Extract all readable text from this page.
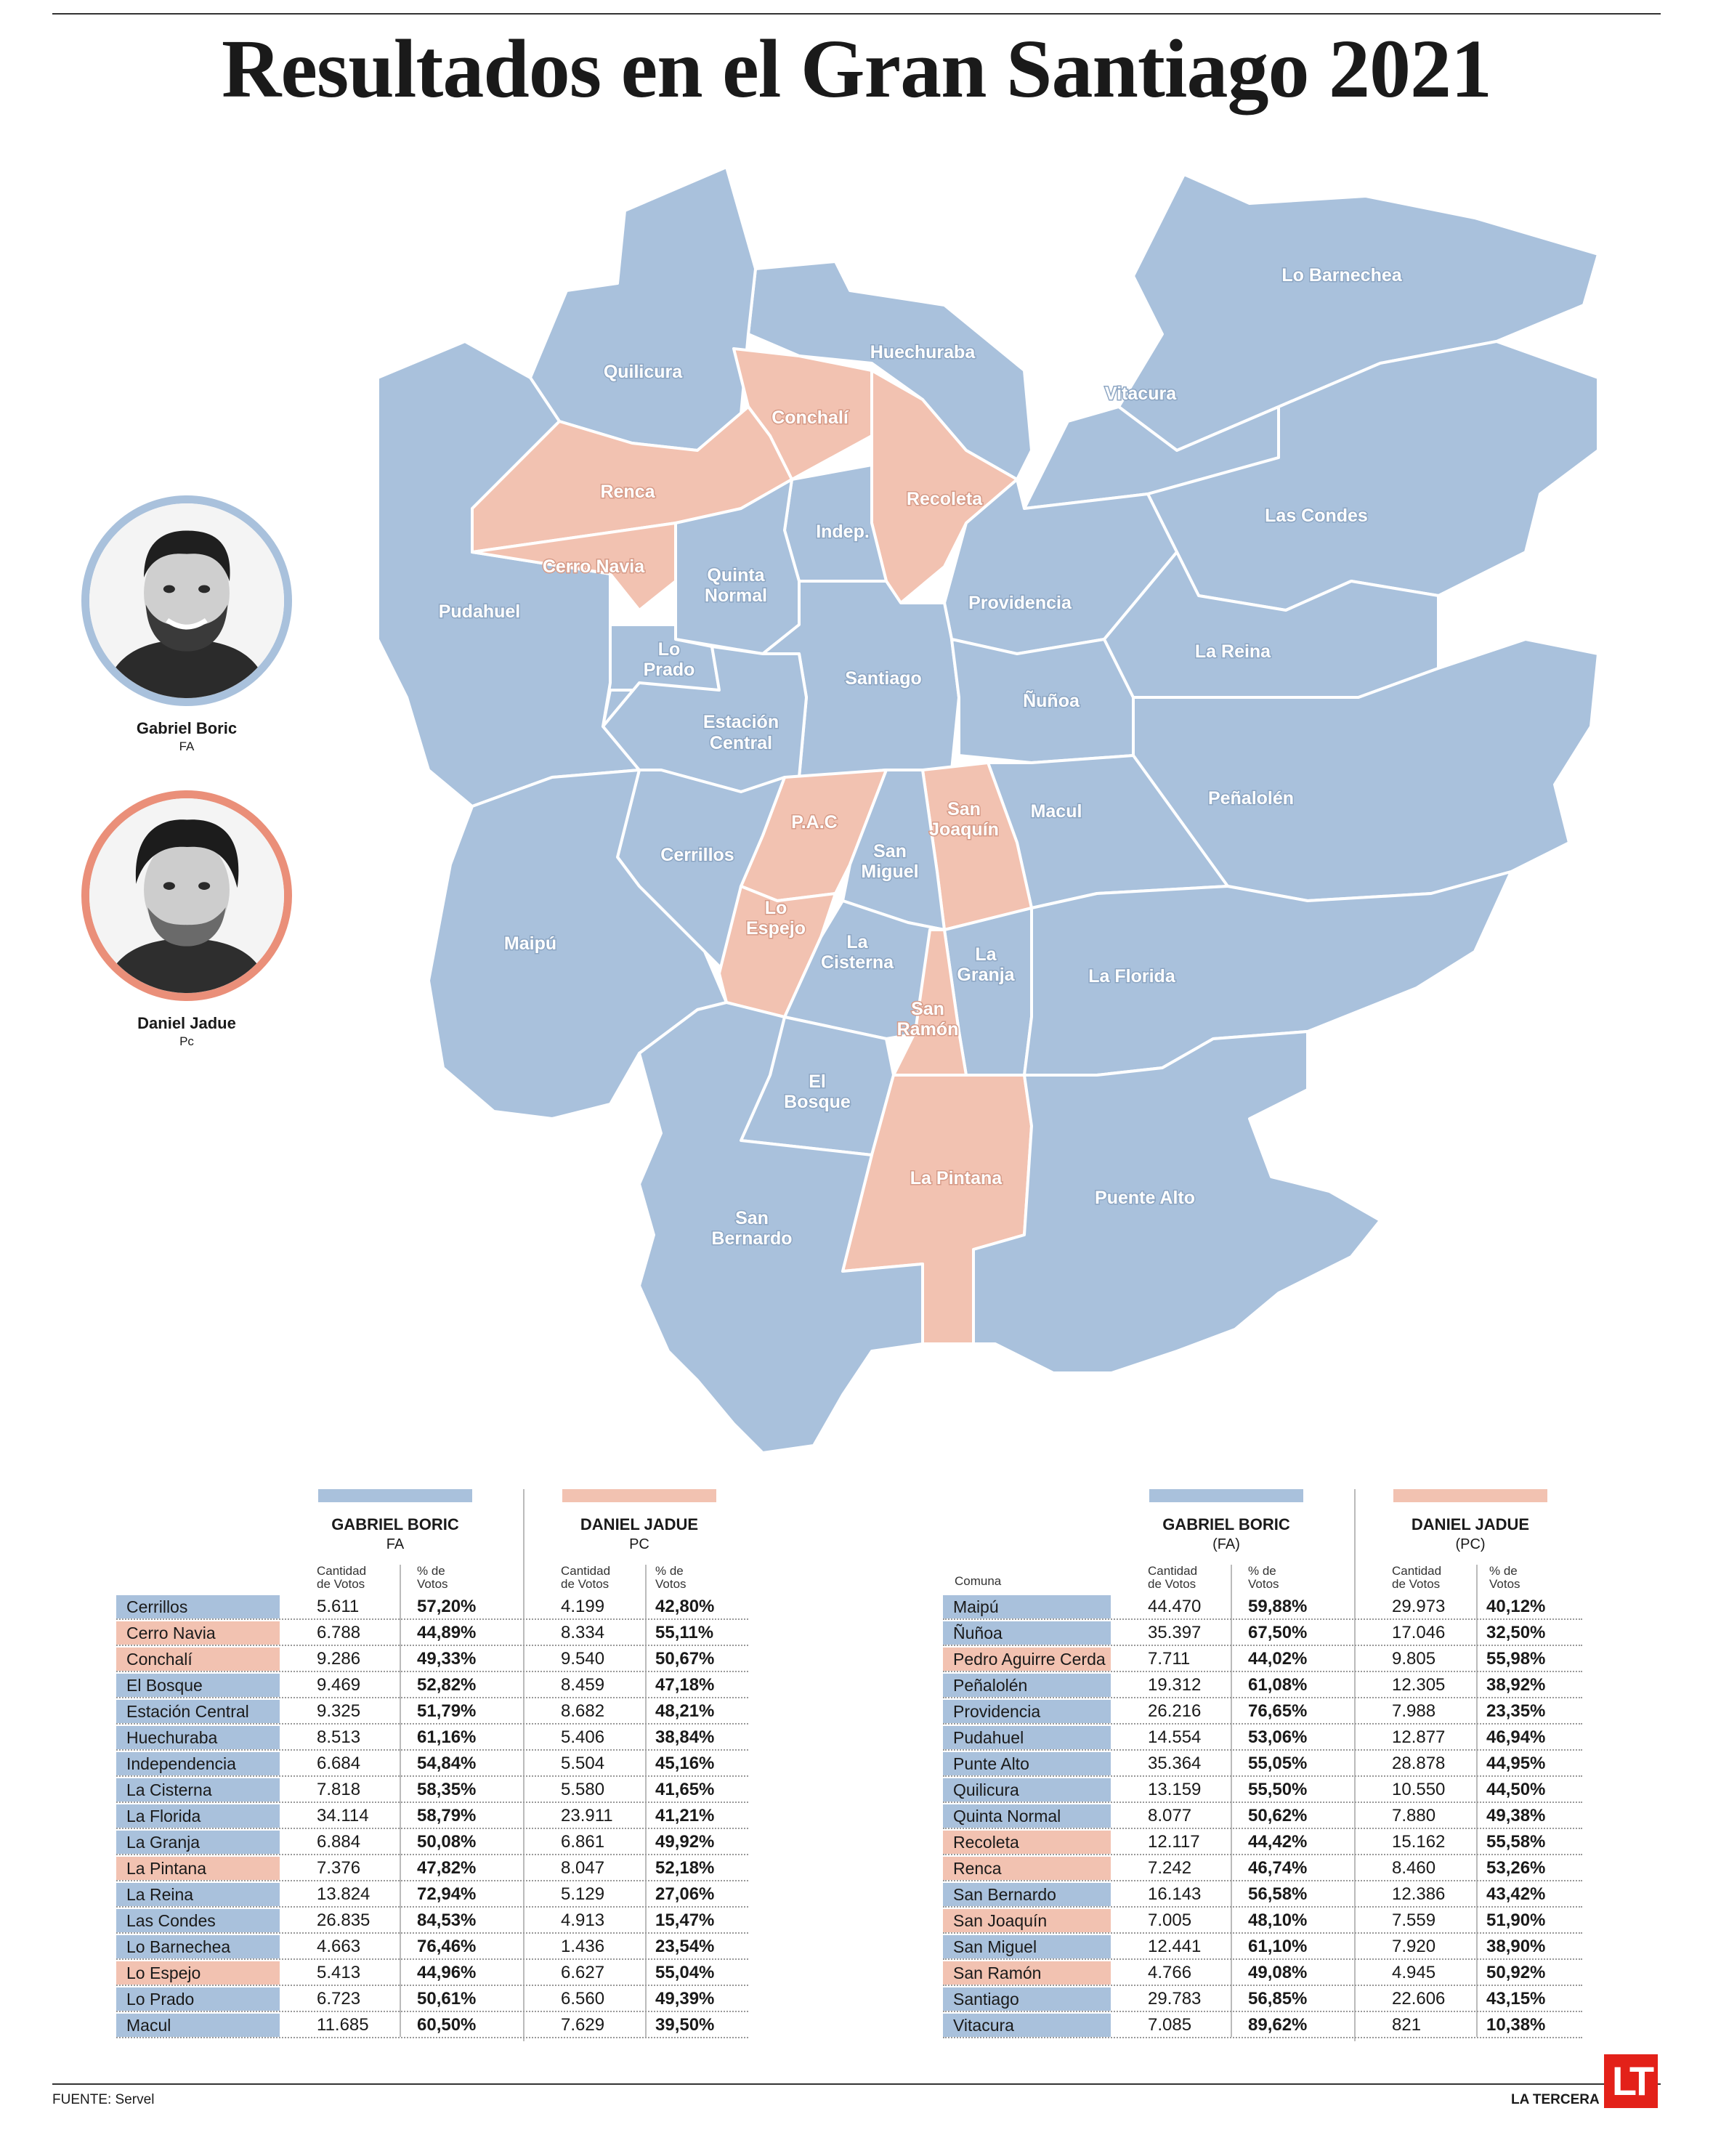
Resultados en el Gran Santiago 2021
Lo Barnechea
Huechuraba
Quilicura
Vitacura
Conchalí
Renca	Recoleta
Indep.
Las Condes
Cerro Navia	Quinta
Normal	Providencia
Pudahuel
Lo
Prado
La Reina
Santiago
Ñuñoa
Estación
Central
Peñalolén
San
Joaquín
P.A.C
Macul
San
Miguel
Cerrillos
Lo
Espejo
Maipú	La
Cisterna	La
Granja	La Florida
San
Ramón
El
Bosque
La Pintana
Puente Alto
San
Bernardo
Gabriel Boric
FA
Daniel Jadue
Pc
GABRIEL BORIC
FA
DANIEL JADUE
PC
Cantidad
de Votos
% de
Votos
Cantidad
de Votos
% de
Votos
Cerrillos	5.611	57,20%	4.199	42,80%
Cerro Navia	6.788	44,89%	8.334	55,11%
Conchalí	9.286	49,33%	9.540	50,67%
El Bosque	9.469	52,82%	8.459	47,18%
Estación Central	9.325	51,79%	8.682	48,21%
Huechuraba	8.513	61,16%	5.406	38,84%
Independencia	6.684	54,84%	5.504	45,16%
La Cisterna	7.818	58,35%	5.580	41,65%
La Florida	34.114	58,79%	23.911 41,21%
La Granja	6.884	50,08%	6.861	49,92%
La Pintana	7.376	47,82%	8.047	52,18%
La Reina	13.824	72,94%	5.129	27,06%
Las Condes	26.835	84,53%	4.913	15,47%
Lo Barnechea	4.663	76,46%	1.436	23,54%
Lo Espejo	5.413	44,96%	6.627	55,04%
Lo Prado	6.723	50,61%	6.560	49,39%
Macul	11.685	60,50%	7.629	39,50%
GABRIEL BORIC
(FA)
DANIEL JADUE
(PC)
Comuna
Cantidad
de Votos
% de
Votos
Cantidad
de Votos
% de
Votos
Maipú	44.470	59,88%	29.973 40,12%
Ñuñoa	35.397	67,50%	17.046 32,50%
Pedro Aguirre Cerda	7.711	44,02%	9.805	55,98%
Peñalolén	19.312	61,08%	12.305 38,92%
Providencia	26.216	76,65%	7.988	23,35%
Pudahuel	14.554	53,06%	12.877 46,94%
Punte Alto	35.364	55,05%	28.878 44,95%
Quilicura	13.159	55,50%	10.550 44,50%
Quinta Normal	8.077	50,62%	7.880	49,38%
Recoleta	12.117	44,42%	15.162 55,58%
Renca	7.242	46,74%	8.460	53,26%
San Bernardo	16.143	56,58%	12.386 43,42%
San Joaquín	7.005	48,10%	7.559	51,90%
San Miguel	12.441	61,10%	7.920	38,90%
San Ramón	4.766	49,08%	4.945	50,92%
Santiago	29.783	56,85%	22.606 43,15%
Vitacura	7.085	89,62%	821	10,38%
FUENTE: Servel	LA TERCERA LT
